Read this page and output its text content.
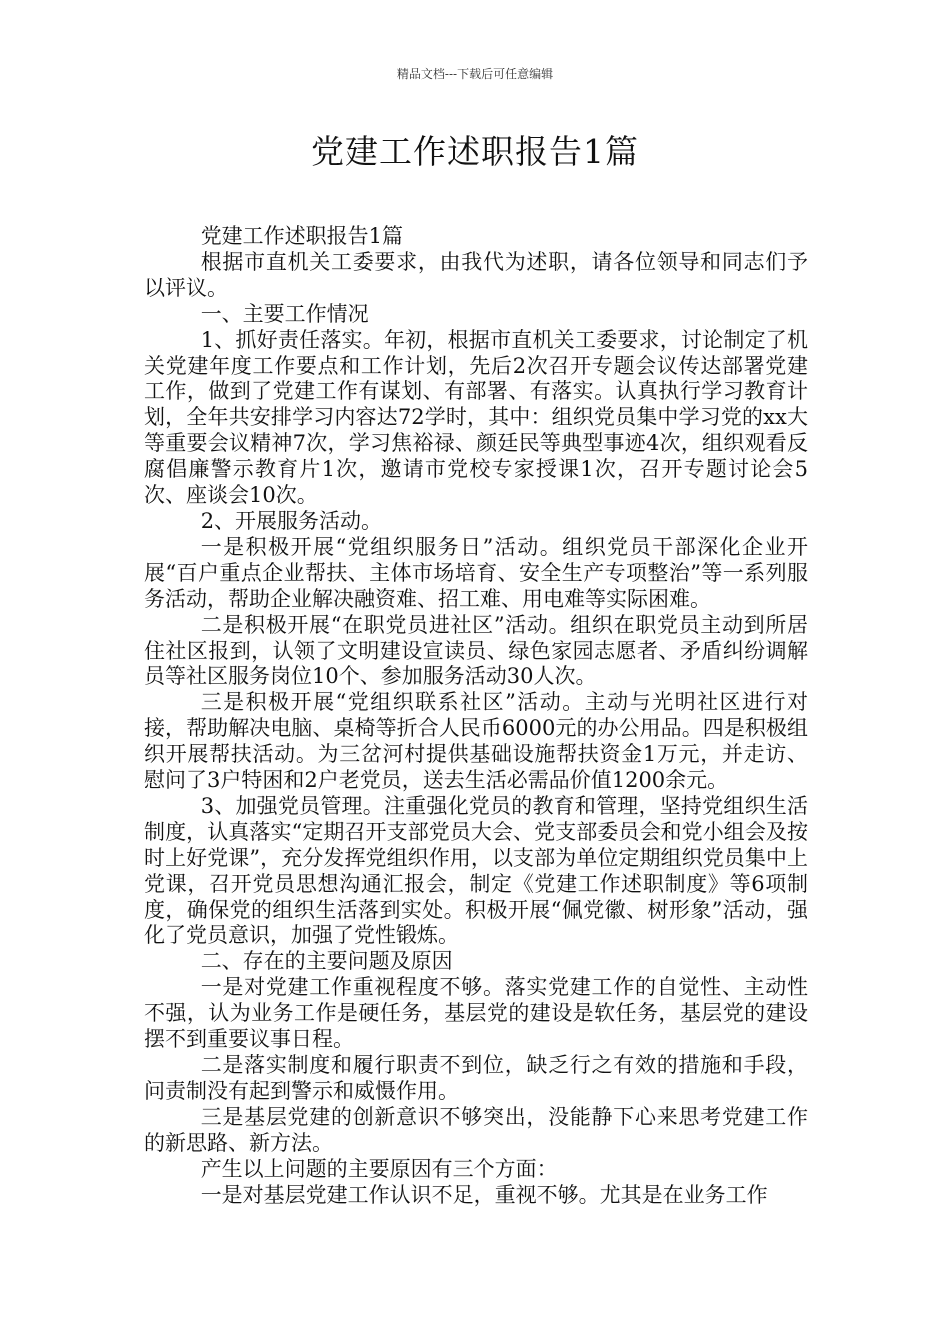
精品文档---下载后可任意编辑
党建工作述职报告1篇

党建工作述职报告1篇

根据市直机关工委要求，由我代为述职，请各位领导和同志们予以评议。

一、主要工作情况

1、抓好责任落实。年初，根据市直机关工委要求，讨论制定了机关党建年度工作要点和工作计划，先后2次召开专题会议传达部署党建工作，做到了党建工作有谋划、有部署、有落实。认真执行学习教育计划，全年共安排学习内容达72学时，其中：组织党员集中学习党的xx大等重要会议精神7次，学习焦裕禄、颜廷民等典型事迹4次，组织观看反腐倡廉警示教育片1次，邀请市党校专家授课1次，召开专题讨论会5次、座谈会10次。

2、开展服务活动。

一是积极开展“党组织服务日”活动。组织党员干部深化企业开展“百户重点企业帮扶、主体市场培育、安全生产专项整治”等一系列服务活动，帮助企业解决融资难、招工难、用电难等实际困难。

二是积极开展“在职党员进社区”活动。组织在职党员主动到所居住社区报到，认领了文明建设宣读员、绿色家园志愿者、矛盾纠纷调解员等社区服务岗位10个、参加服务活动30人次。

三是积极开展“党组织联系社区”活动。主动与光明社区进行对接，帮助解决电脑、桌椅等折合人民币6000元的办公用品。四是积极组织开展帮扶活动。为三岔河村提供基础设施帮扶资金1万元，并走访、慰问了3户特困和2户老党员，送去生活必需品价值1200余元。

3、加强党员管理。注重强化党员的教育和管理，坚持党组织生活制度，认真落实“定期召开支部党员大会、党支部委员会和党小组会及按时上好党课”，充分发挥党组织作用，以支部为单位定期组织党员集中上党课，召开党员思想沟通汇报会，制定《党建工作述职制度》等6项制度，确保党的组织生活落到实处。积极开展“佩党徽、树形象”活动，强化了党员意识，加强了党性锻炼。

二、存在的主要问题及原因

一是对党建工作重视程度不够。落实党建工作的自觉性、主动性不强，认为业务工作是硬任务，基层党的建设是软任务，基层党的建设摆不到重要议事日程。

二是落实制度和履行职责不到位，缺乏行之有效的措施和手段，问责制没有起到警示和威慑作用。

三是基层党建的创新意识不够突出，没能静下心来思考党建工作的新思路、新方法。

产生以上问题的主要原因有三个方面：

一是对基层党建工作认识不足，重视不够。尤其是在业务工作
